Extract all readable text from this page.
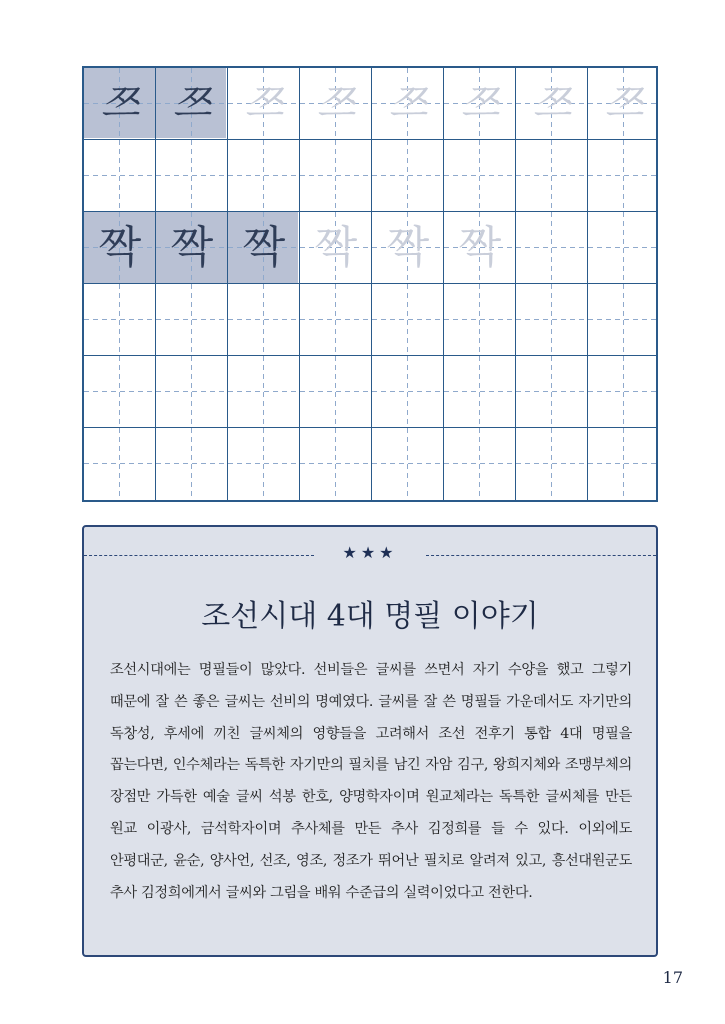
쯔 쯔 쯔 쯔 쯔 쯔 쯔 쯔
짝 짝 짝 짝 짝 짝
★★★
조선시대 4대 명필 이야기
조선시대에는 명필들이 많았다. 선비들은 글씨를 쓰면서 자기 수양을 했고 그렇기 때문에 잘 쓴 좋은 글씨는 선비의 명예였다. 글씨를 잘 쓴 명필들 가운데서도 자기만의 독창성, 후세에 끼친 글씨체의 영향들을 고려해서 조선 전후기 통합 4대 명필을 꼽는다면, 인수체라는 독특한 자기만의 필치를 남긴 자암 김구, 왕희지체와 조맹부체의 장점만 가득한 예술 글씨 석봉 한호, 양명학자이며 원교체라는 독특한 글씨체를 만든 원교 이광사, 금석학자이며 추사체를 만든 추사 김정희를 들 수 있다. 이외에도 안평대군, 윤순, 양사언, 선조, 영조, 정조가 뛰어난 필치로 알려져 있고, 흥선대원군도 추사 김정희에게서 글씨와 그림을 배워 수준급의 실력이었다고 전한다.
17
